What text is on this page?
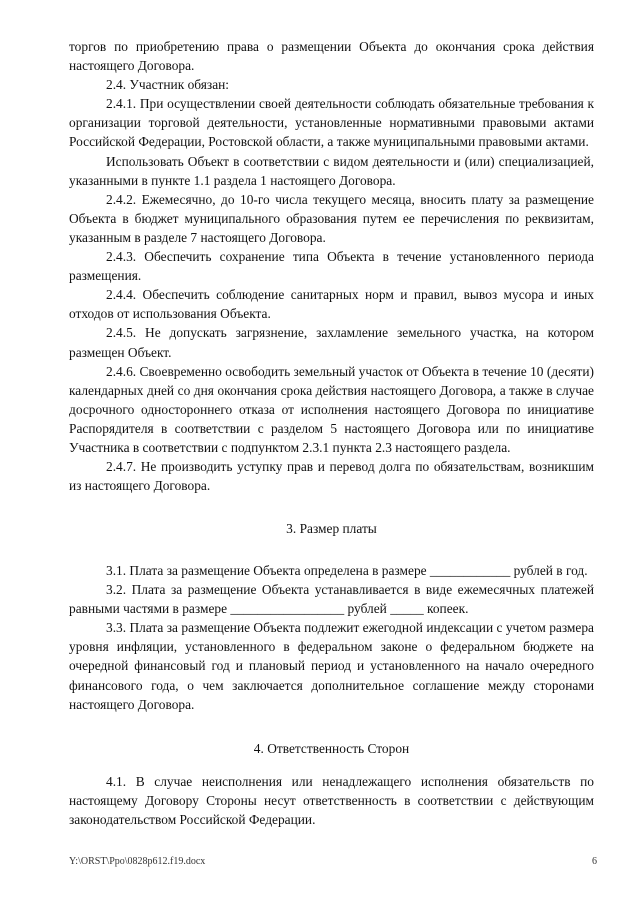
торгов по приобретению права о размещении Объекта до окончания срока действия настоящего Договора.

2.4. Участник обязан:

2.4.1. При осуществлении своей деятельности соблюдать обязательные требования к организации торговой деятельности, установленные нормативными правовыми актами Российской Федерации, Ростовской области, а также муниципальными правовыми актами.

Использовать Объект в соответствии с видом деятельности и (или) специализацией, указанными в пункте 1.1 раздела 1 настоящего Договора.

2.4.2. Ежемесячно, до 10-го числа текущего месяца, вносить плату за размещение Объекта в бюджет муниципального образования путем ее перечисления по реквизитам, указанным в разделе 7 настоящего Договора.

2.4.3. Обеспечить сохранение типа Объекта в течение установленного периода размещения.

2.4.4. Обеспечить соблюдение санитарных норм и правил, вывоз мусора и иных отходов от использования Объекта.

2.4.5. Не допускать загрязнение, захламление земельного участка, на котором размещен Объект.

2.4.6. Своевременно освободить земельный участок от Объекта в течение 10 (десяти) календарных дней со дня окончания срока действия настоящего Договора, а также в случае досрочного одностороннего отказа от исполнения настоящего Договора по инициативе Распорядителя в соответствии с разделом 5 настоящего Договора или по инициативе Участника в соответствии с подпунктом 2.3.1 пункта 2.3 настоящего раздела.

2.4.7. Не производить уступку прав и перевод долга по обязательствам, возникшим из настоящего Договора.

3. Размер платы

3.1. Плата за размещение Объекта определена в размере ____________ рублей в год.

3.2. Плата за размещение Объекта устанавливается в виде ежемесячных платежей равными частями в размере _________________ рублей _____ копеек.

3.3. Плата за размещение Объекта подлежит ежегодной индексации с учетом размера уровня инфляции, установленного в федеральном законе о федеральном бюджете на очередной финансовый год и плановый период и установленного на начало очередного финансового года, о чем заключается дополнительное соглашение между сторонами настоящего Договора.

4. Ответственность Сторон

4.1. В случае неисполнения или ненадлежащего исполнения обязательств по настоящему Договору Стороны несут ответственность в соответствии с действующим законодательством Российской Федерации.

Y:\ORST\Ppo\0828p612.f19.docx	6
